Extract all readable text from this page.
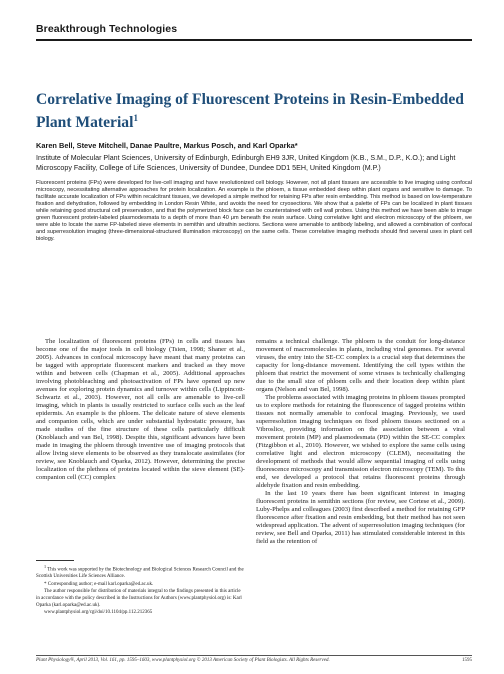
Breakthrough Technologies
Correlative Imaging of Fluorescent Proteins in Resin-Embedded Plant Material$^1$
Karen Bell, Steve Mitchell, Danae Paultre, Markus Posch, and Karl Oparka*
Institute of Molecular Plant Sciences, University of Edinburgh, Edinburgh EH9 3JR, United Kingdom (K.B., S.M., D.P., K.O.); and Light Microscopy Facility, College of Life Sciences, University of Dundee, Dundee DD1 5EH, United Kingdom (M.P.)
Fluorescent proteins (FPs) were developed for live-cell imaging and have revolutionized cell biology. However, not all plant tissues are accessible to live imaging using confocal microscopy, necessitating alternative approaches for protein localization. An example is the phloem, a tissue embedded deep within plant organs and sensitive to damage. To facilitate accurate localization of FPs within recalcitrant tissues, we developed a simple method for retaining FPs after resin embedding. This method is based on low-temperature fixation and dehydration, followed by embedding in London Resin White, and avoids the need for cryosections. We show that a palette of FPs can be localized in plant tissues while retaining good structural cell preservation, and that the polymerized block face can be counterstained with cell wall probes. Using this method we have been able to image green fluorescent protein-labeled plasmodesmata to a depth of more than 40 μm beneath the resin surface. Using correlative light and electron microscopy of the phloem, we were able to locate the same FP-labeled sieve elements in semithin and ultrathin sections. Sections were amenable to antibody labeling, and allowed a combination of confocal and superresolution imaging (three-dimensional-structured illumination microscopy) on the same cells. These correlative imaging methods should find several uses in plant cell biology.

The localization of fluorescent proteins (FPs) in cells and tissues has become one of the major tools in cell biology (Tsien, 1998; Shaner et al., 2005). Advances in confocal microscopy have meant that many proteins can be tagged with appropriate fluorescent markers and tracked as they move within and between cells (Chapman et al., 2005). Additional approaches involving photobleaching and photoactivation of FPs have opened up new avenues for exploring protein dynamics and turnover within cells (Lippincott-Schwartz et al., 2003). However, not all cells are amenable to live-cell imaging, which in plants is usually restricted to surface cells such as the leaf epidermis. An example is the phloem. The delicate nature of sieve elements and companion cells, which are under substantial hydrostatic pressure, has made studies of the fine structure of these cells particularly difficult (Knoblauch and van Bel, 1998). Despite this, significant advances have been made in imaging the phloem through inventive use of imaging protocols that allow living sieve elements to be observed as they translocate assimilates (for review, see Knoblauch and Oparka, 2012). However, determining the precise localization of the plethora of proteins located within the sieve element (SE)-companion cell (CC) complex

remains a technical challenge. The phloem is the conduit for long-distance movement of macromolecules in plants, including viral genomes. For several viruses, the entry into the SE-CC complex is a crucial step that determines the capacity for long-distance movement. Identifying the cell types within the phloem that restrict the movement of some viruses is technically challenging due to the small size of phloem cells and their location deep within plant organs (Nelson and van Bel, 1998).

The problems associated with imaging proteins in phloem tissues prompted us to explore methods for retaining the fluorescence of tagged proteins within tissues not normally amenable to confocal imaging. Previously, we used superresolution imaging techniques on fixed phloem tissues sectioned on a Vibroslice, providing information on the association between a viral movement protein (MP) and plasmodesmata (PD) within the SE-CC complex (Fitzgibbon et al., 2010). However, we wished to explore the same cells using correlative light and electron microscopy (CLEM), necessitating the development of methods that would allow sequential imaging of cells using fluorescence microscopy and transmission electron microscopy (TEM). To this end, we developed a protocol that retains fluorescent proteins through aldehyde fixation and resin embedding.

In the last 10 years there has been significant interest in imaging fluorescent proteins in semithin sections (for review, see Cortese et al., 2009). Luby-Phelps and colleagues (2003) first described a method for retaining GFP fluorescence after fixation and resin embedding, but their method has not seen widespread application. The advent of superresolution imaging techniques (for review, see Bell and Oparka, 2011) has stimulated considerable interest in this field as the retention of

$^1$ This work was supported by the Biotechnology and Biological Sciences Research Council and the Scottish Universities Life Sciences Alliance.

* Corresponding author; e-mail karl.oparka@ed.ac.uk.

The author responsible for distribution of materials integral to the findings presented in this article in accordance with the policy described in the Instructions for Authors (www.plantphysiol.org) is: Karl Oparka (karl.oparka@ed.ac.uk).

www.plantphysiol.org/cgi/doi/10.1104/pp.112.212365

Plant Physiology®, April 2013, Vol. 161, pp. 1595–1603, www.plantphysiol.org © 2013 American Society of Plant Biologists. All Rights Reserved.	1595
